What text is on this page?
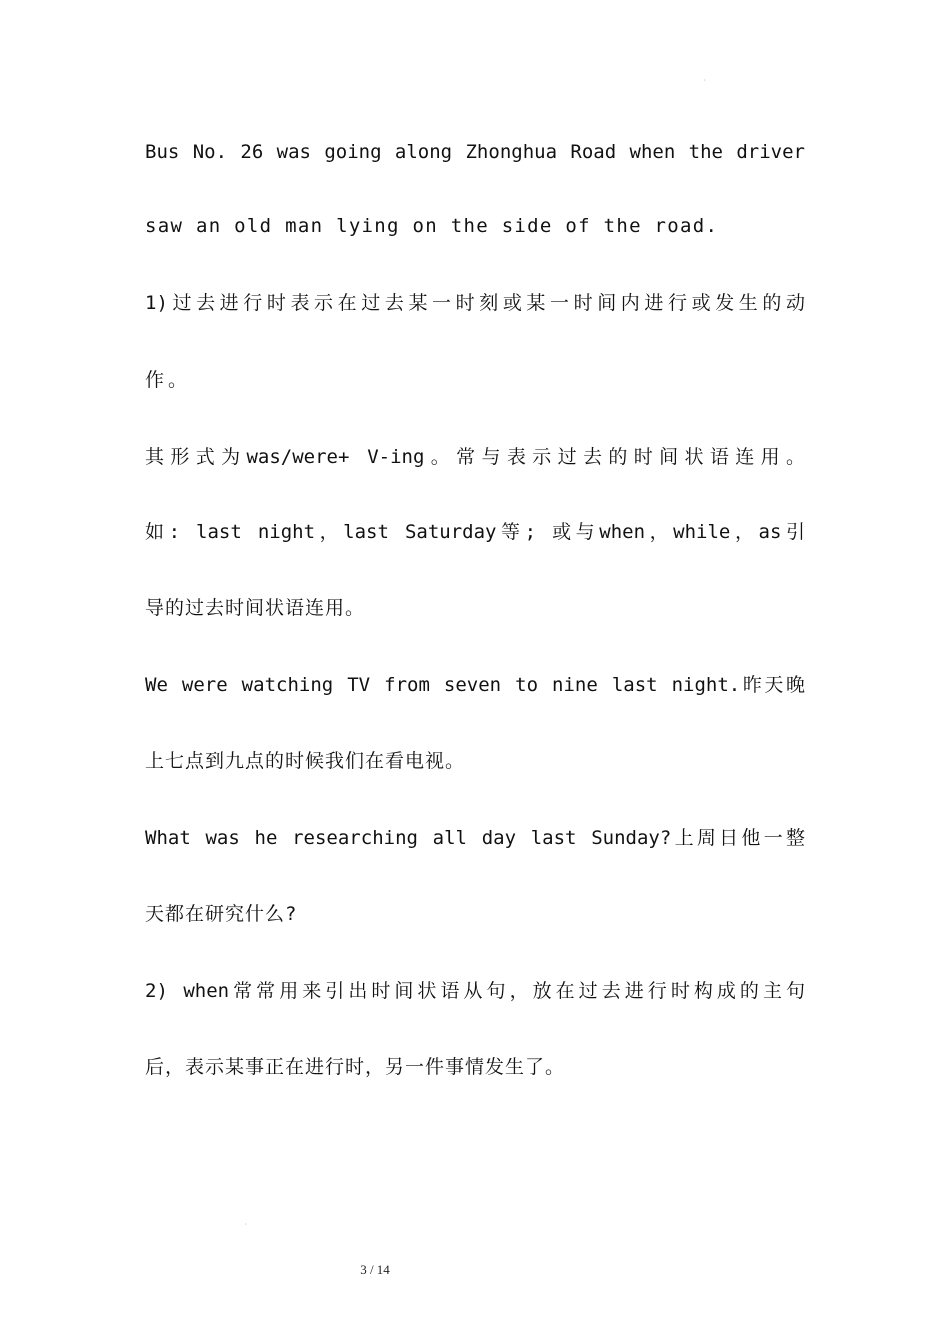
·
Bus No. 26 was going along Zhonghua Road when the driver
saw an old man lying on the side of the road.
1)过去进行时表示在过去某一时刻或某一时间内进行或发生的动
作。
其形式为was/were+ V-ing。常与表示过去的时间状语连用。
如: last night，last Saturday等; 或与when，while，as引
导的过去时间状语连用。
We were watching TV from seven to nine last night.昨天晚
上七点到九点的时候我们在看电视。
What was he researching all day last Sunday?上周日他一整
天都在研究什么?
2) when常常用来引出时间状语从句，放在过去进行时构成的主句
后，表示某事正在进行时，另一件事情发生了。
·
3 / 14
